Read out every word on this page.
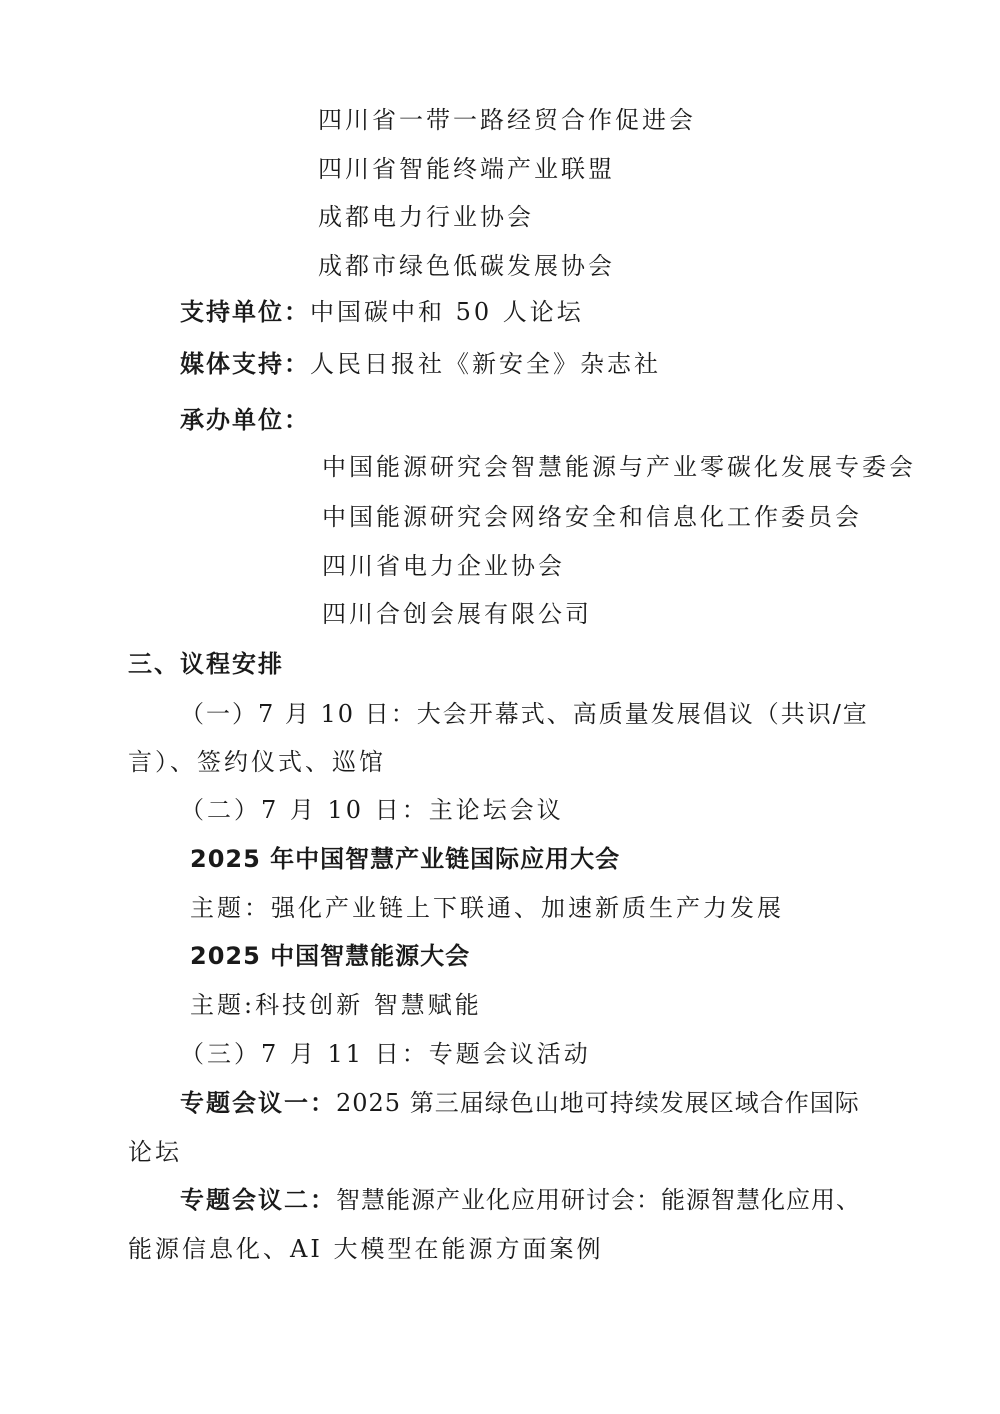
四川省一带一路经贸合作促进会
四川省智能终端产业联盟
成都电力行业协会
成都市绿色低碳发展协会
支持单位：中国碳中和 50 人论坛
媒体支持：人民日报社《新安全》杂志社
承办单位：
中国能源研究会智慧能源与产业零碳化发展专委会
中国能源研究会网络安全和信息化工作委员会
四川省电力企业协会
四川合创会展有限公司
三、议程安排
（一）7 月 10 日：大会开幕式、高质量发展倡议（共识/宣
言）、签约仪式、巡馆
（二）7 月 10 日：主论坛会议
2025 年中国智慧产业链国际应用大会
主题：强化产业链上下联通、加速新质生产力发展
2025 中国智慧能源大会
主题:科技创新 智慧赋能
（三）7 月 11 日：专题会议活动
专题会议一：2025 第三届绿色山地可持续发展区域合作国际
论坛
专题会议二：智慧能源产业化应用研讨会：能源智慧化应用、
能源信息化、AI 大模型在能源方面案例
